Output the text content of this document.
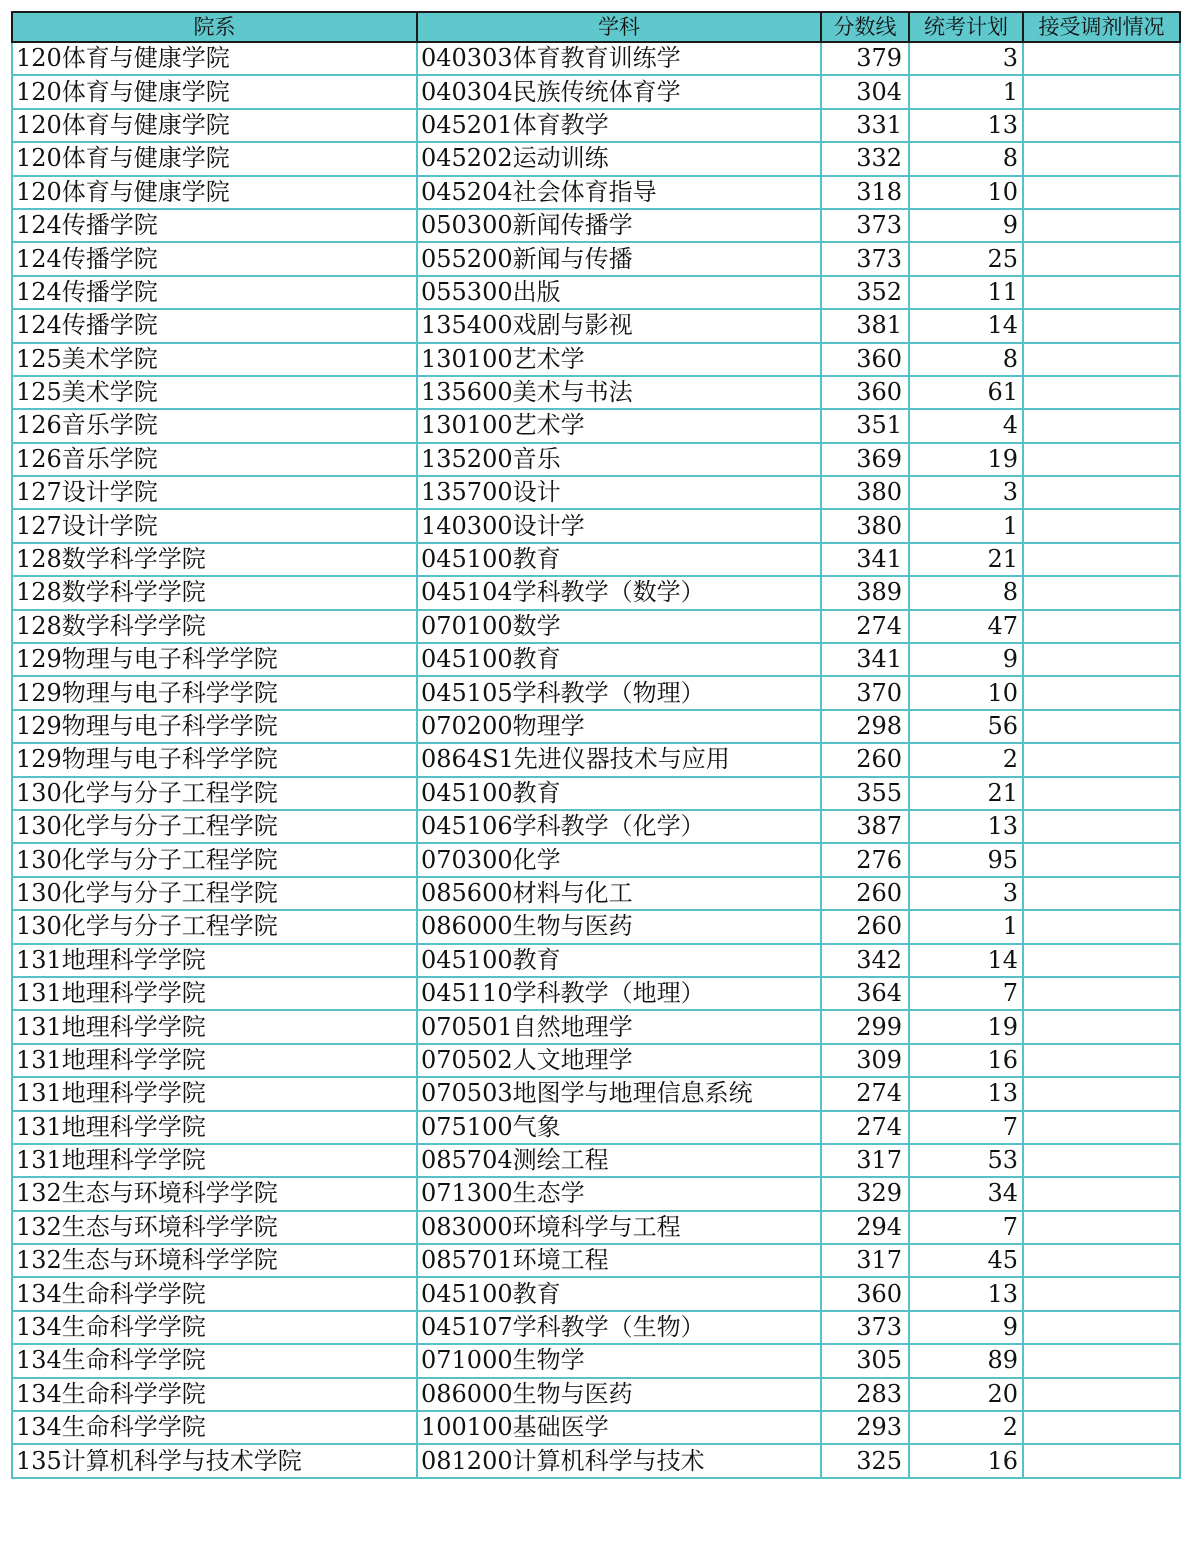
院系	学科	分数线	统考计划	接受调剂情况
120体育与健康学院	040303体育教育训练学	379	3	
120体育与健康学院	040304民族传统体育学	304	1	
120体育与健康学院	045201体育教学	331	13	
120体育与健康学院	045202运动训练	332	8	
120体育与健康学院	045204社会体育指导	318	10	
124传播学院	050300新闻传播学	373	9	
124传播学院	055200新闻与传播	373	25	
124传播学院	055300出版	352	11	
124传播学院	135400戏剧与影视	381	14	
125美术学院	130100艺术学	360	8	
125美术学院	135600美术与书法	360	61	
126音乐学院	130100艺术学	351	4	
126音乐学院	135200音乐	369	19	
127设计学院	135700设计	380	3	
127设计学院	140300设计学	380	1	
128数学科学学院	045100教育	341	21	
128数学科学学院	045104学科教学（数学）	389	8	
128数学科学学院	070100数学	274	47	
129物理与电子科学学院	045100教育	341	9	
129物理与电子科学学院	045105学科教学（物理）	370	10	
129物理与电子科学学院	070200物理学	298	56	
129物理与电子科学学院	0864S1先进仪器技术与应用	260	2	
130化学与分子工程学院	045100教育	355	21	
130化学与分子工程学院	045106学科教学（化学）	387	13	
130化学与分子工程学院	070300化学	276	95	
130化学与分子工程学院	085600材料与化工	260	3	
130化学与分子工程学院	086000生物与医药	260	1	
131地理科学学院	045100教育	342	14	
131地理科学学院	045110学科教学（地理）	364	7	
131地理科学学院	070501自然地理学	299	19	
131地理科学学院	070502人文地理学	309	16	
131地理科学学院	070503地图学与地理信息系统	274	13	
131地理科学学院	075100气象	274	7	
131地理科学学院	085704测绘工程	317	53	
132生态与环境科学学院	071300生态学	329	34	
132生态与环境科学学院	083000环境科学与工程	294	7	
132生态与环境科学学院	085701环境工程	317	45	
134生命科学学院	045100教育	360	13	
134生命科学学院	045107学科教学（生物）	373	9	
134生命科学学院	071000生物学	305	89	
134生命科学学院	086000生物与医药	283	20	
134生命科学学院	100100基础医学	293	2	
135计算机科学与技术学院	081200计算机科学与技术	325	16	
